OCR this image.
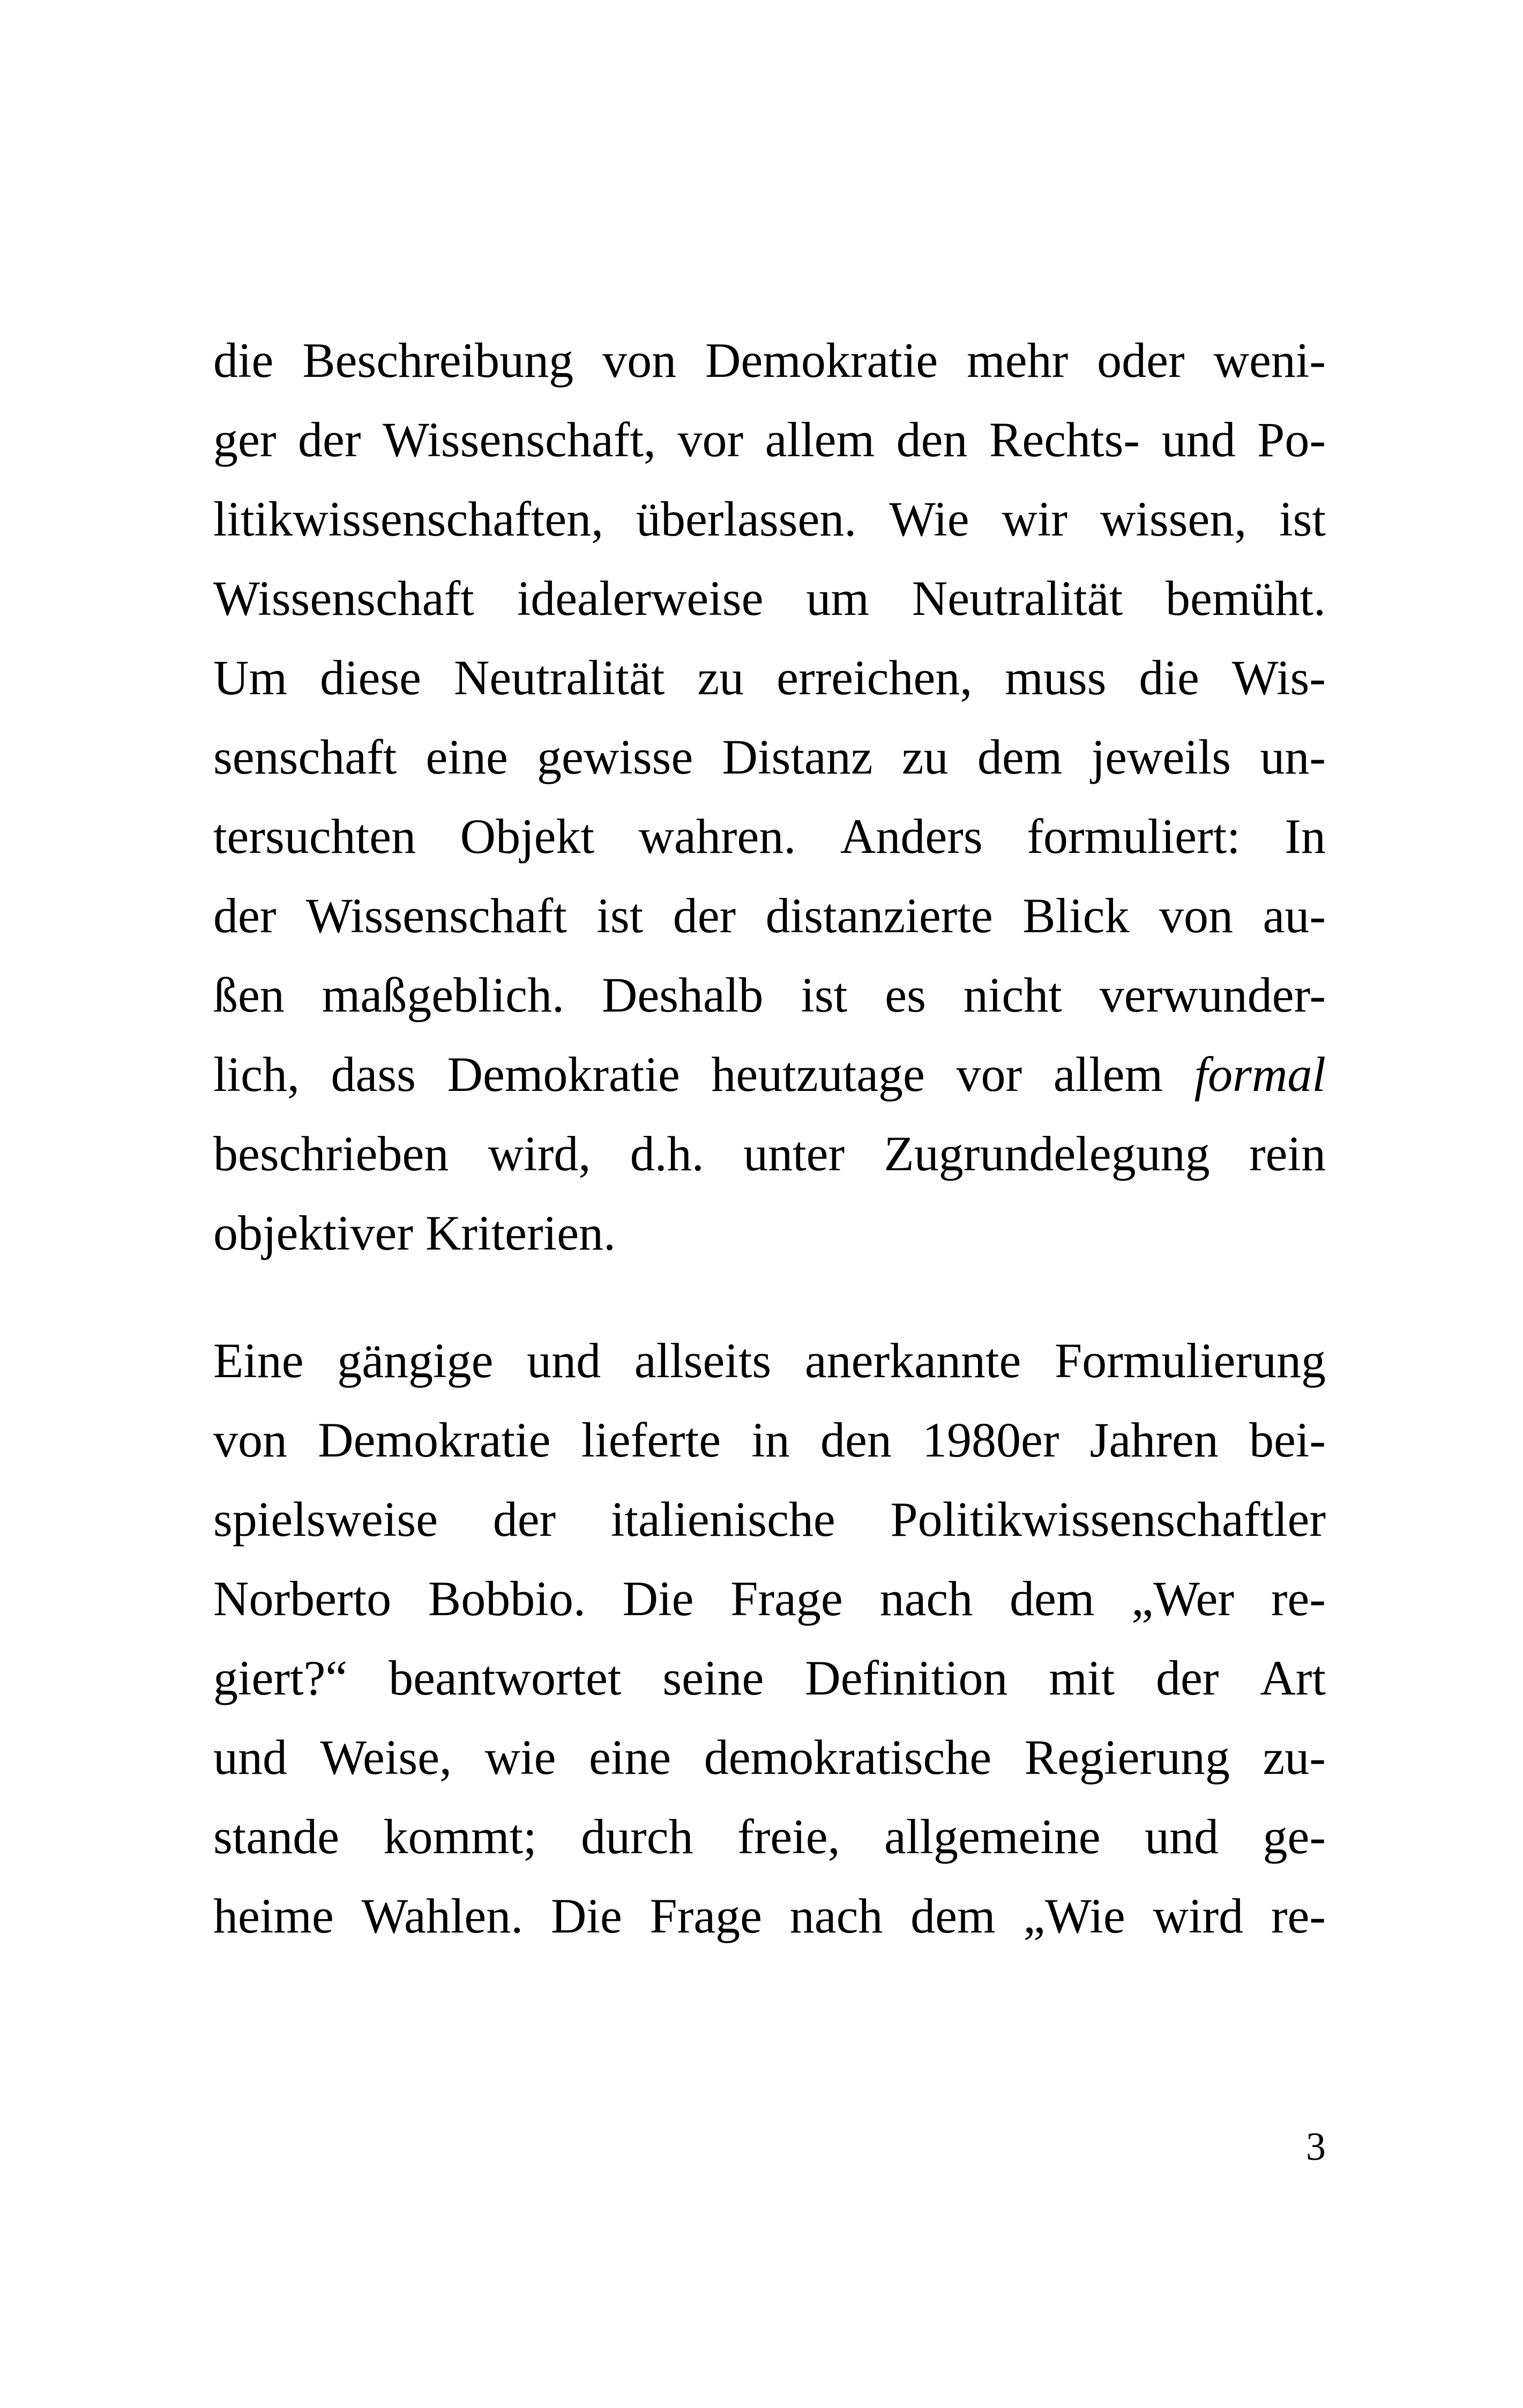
die Beschreibung von Demokratie mehr oder weni-
ger der Wissenschaft, vor allem den Rechts- und Po-
litikwissenschaften, überlassen. Wie wir wissen, ist
Wissenschaft idealerweise um Neutralität bemüht.
Um diese Neutralität zu erreichen, muss die Wis-
senschaft eine gewisse Distanz zu dem jeweils un-
tersuchten Objekt wahren. Anders formuliert: In
der Wissenschaft ist der distanzierte Blick von au-
ßen maßgeblich. Deshalb ist es nicht verwunder-
lich, dass Demokratie heutzutage vor allem formal
beschrieben wird, d.h. unter Zugrundelegung rein
objektiver Kriterien.
Eine gängige und allseits anerkannte Formulierung
von Demokratie lieferte in den 1980er Jahren bei-
spielsweise der italienische Politikwissenschaftler
Norberto Bobbio. Die Frage nach dem „Wer re-
giert?“ beantwortet seine Definition mit der Art
und Weise, wie eine demokratische Regierung zu-
stande kommt; durch freie, allgemeine und ge-
heime Wahlen. Die Frage nach dem „Wie wird re-
3
